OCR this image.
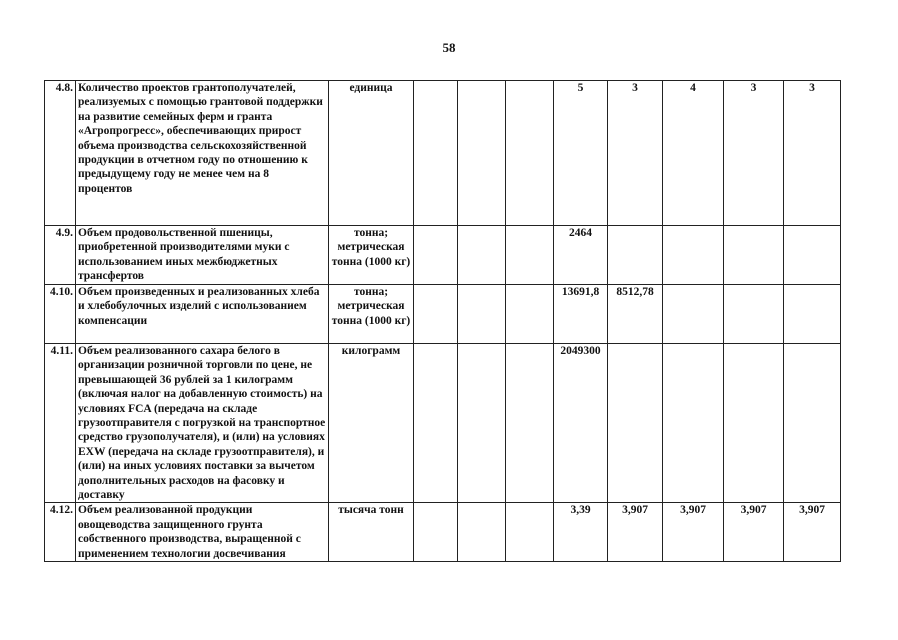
58
4.8.	Количество проектов грантополучателей, реализуемых с помощью грантовой поддержки на развитие семейных ферм и гранта «Агропрогресс», обеспечивающих прирост объема производства сельскохозяйственной продукции в отчетном году по отношению к предыдущему году не менее чем на 8 процентов	единица				5	3	4	3	3
4.9.	Объем продовольственной пшеницы, приобретенной производителями муки с использованием иных межбюджетных трансфертов	тонна; метрическая тонна (1000 кг)				2464				
4.10.	Объем произведенных и реализованных хлеба и хлебобулочных изделий с использованием компенсации	тонна; метрическая тонна (1000 кг)				13691,8	8512,78			
4.11.	Объем реализованного сахара белого в организации розничной торговли по цене, не превышающей 36 рублей за 1 килограмм (включая налог на добавленную стоимость) на условиях FCA (передача на складе грузоотправителя с погрузкой на транспортное средство грузополучателя), и (или) на условиях EXW (передача на складе грузоотправителя), и (или) на иных условиях поставки за вычетом дополнительных расходов на фасовку и доставку	килограмм				2049300				
4.12.	Объем реализованной продукции овощеводства защищенного грунта собственного производства, выращенной с применением технологии досвечивания	тысяча тонн				3,39	3,907	3,907	3,907	3,907
